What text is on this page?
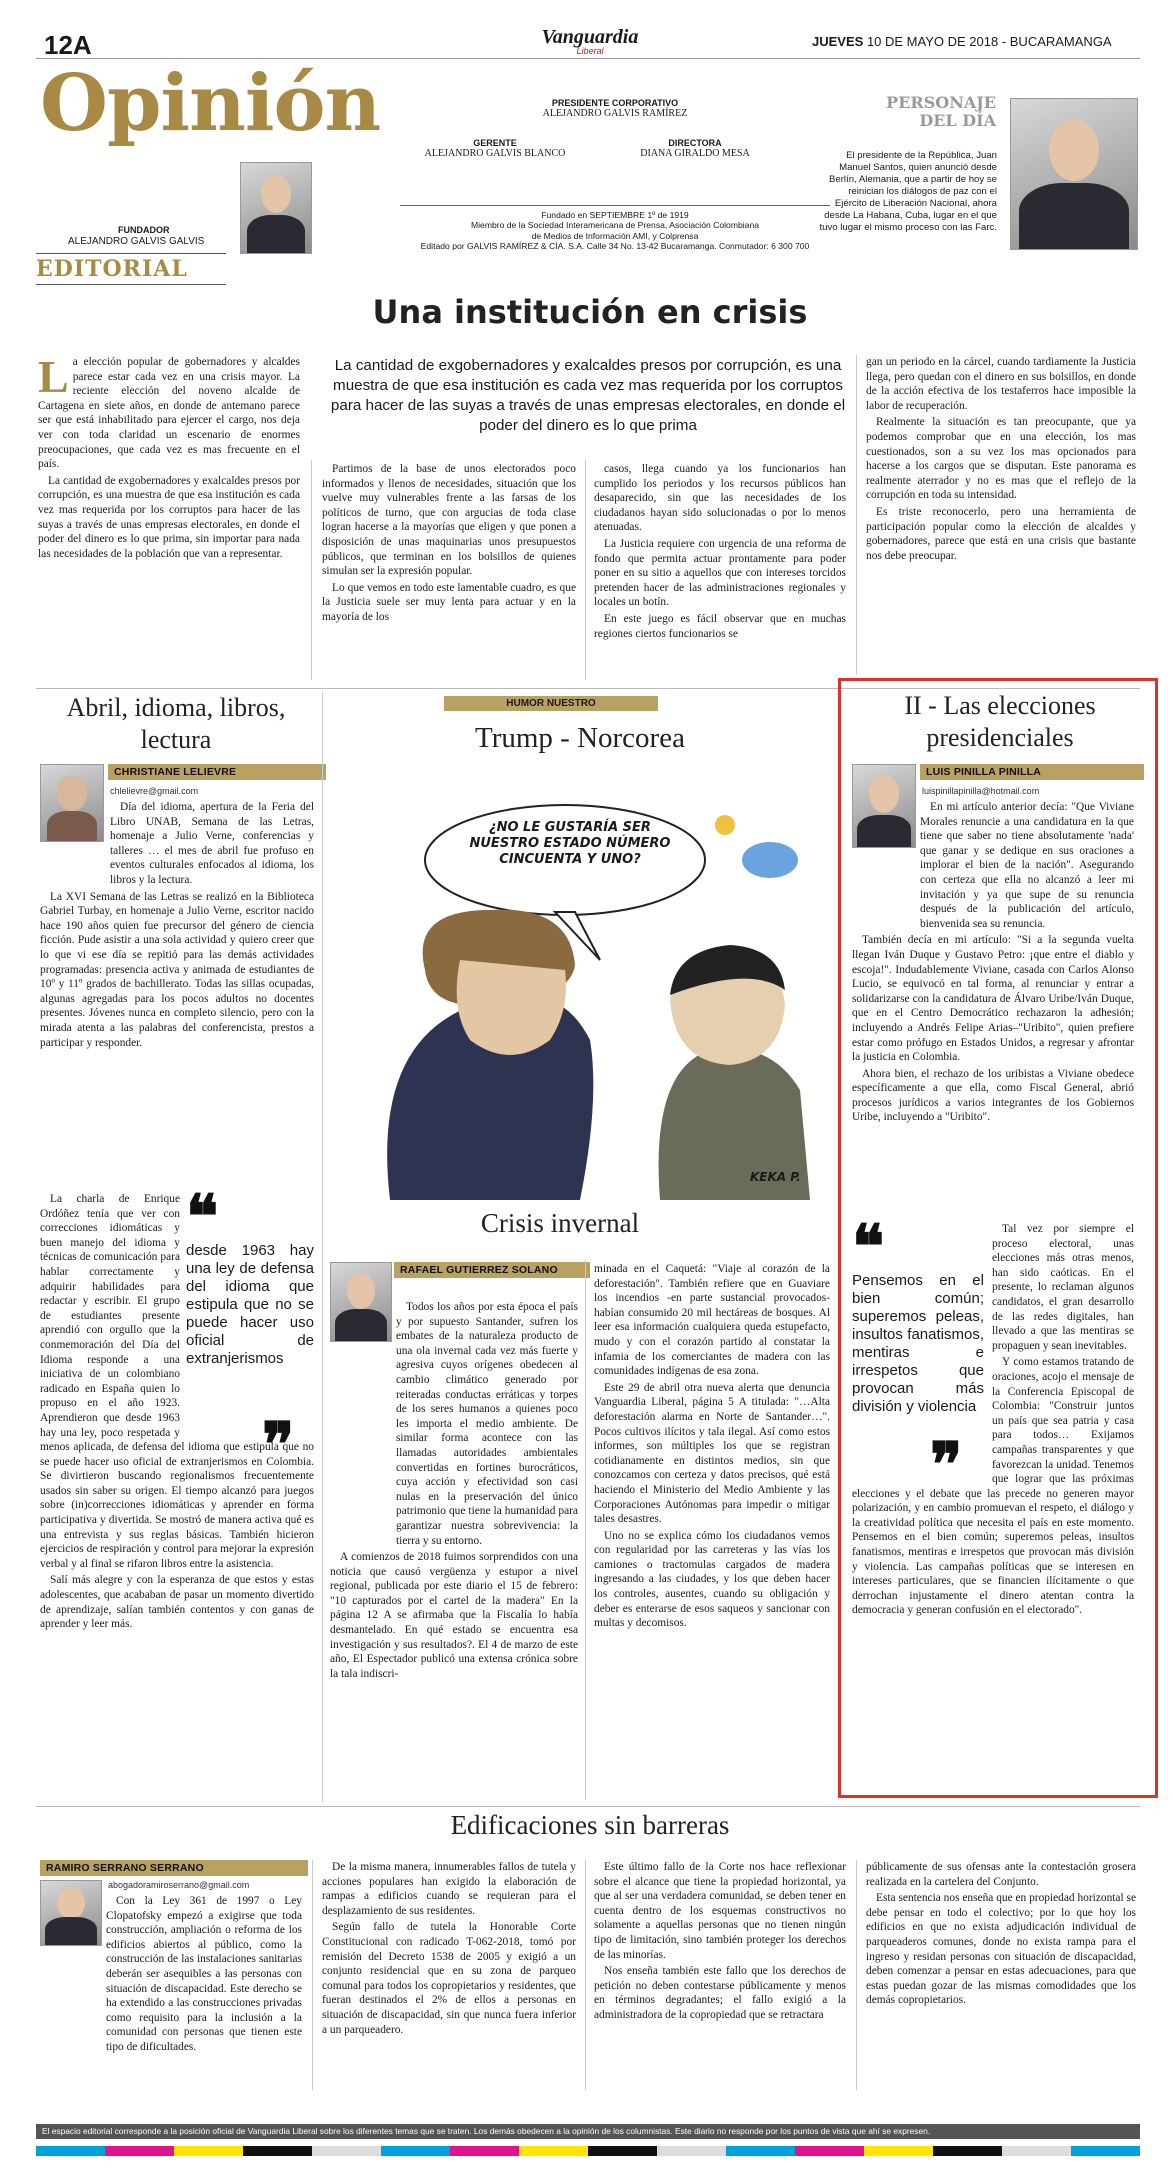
12A	Vanguardia
Liberal
JUEVES 10 DE MAYO DE 2018 - BUCARAMANGA
Opinión
FUNDADOR
ALEJANDRO GALVIS GALVIS
EDITORIAL
PRESIDENTE CORPORATIVO
ALEJANDRO GALVIS RAMÍREZ
GERENTE
ALEJANDRO GALVIS BLANCO
DIRECTORA
DIANA GIRALDO MESA
Fundado en SEPTIEMBRE 1º de 1919
Miembro de la Sociedad Interamericana de Prensa, Asociación Colombiana
de Medios de Información AMI, y Colprensa
Editado por GALVIS RAMÍREZ & CÍA. S.A. Calle 34 No. 13-42 Bucaramanga. Conmutador: 6 300 700
PERSONAJE
DEL DÍA
El presidente de la República, Juan Manuel Santos, quien anunció desde Berlín, Alemania, que a partir de hoy se reinician los diálogos de paz con el Ejército de Liberación Nacional, ahora desde La Habana, Cuba, lugar en el que tuvo lugar el mismo proceso con las Farc.
Una institución en crisis
La cantidad de exgobernadores y exalcaldes presos por corrupción, es una muestra de que esa institución es cada vez mas requerida por los corruptos para hacer de las suyas a través de unas empresas electorales, en donde el poder del dinero es lo que prima

La elección popular de gobernadores y alcaldes parece estar cada vez en una crisis mayor. La reciente elección del noveno alcalde de Cartagena en siete años, en donde de antemano parece ser que está inhabilitado para ejercer el cargo, nos deja ver con toda claridad un escenario de enormes preocupaciones, que cada vez es mas frecuente en el país.

La cantidad de exgobernadores y exalcaldes presos por corrupción, es una muestra de que esa institución es cada vez mas requerida por los corruptos para hacer de las suyas a través de unas empresas electorales, en donde el poder del dinero es lo que prima, sin importar para nada las necesidades de la población que van a representar.

Partimos de la base de unos electorados poco informados y llenos de necesidades, situación que los vuelve muy vulnerables frente a las farsas de los políticos de turno, que con argucias de toda clase logran hacerse a la mayorías que eligen y que ponen a disposición de unas maquinarias unos presupuestos públicos, que terminan en los bolsillos de quienes simulan ser la expresión popular.

Lo que vemos en todo este lamentable cuadro, es que la Justicia suele ser muy lenta para actuar y en la mayoría de los

casos, llega cuando ya los funcionarios han cumplido los periodos y los recursos públicos han desaparecido, sin que las necesidades de los ciudadanos hayan sido solucionadas o por lo menos atenuadas.

La Justicia requiere con urgencia de una reforma de fondo que permita actuar prontamente para poder poner en su sitio a aquellos que con intereses torcidos pretenden hacer de las administraciones regionales y locales un botín.

En este juego es fácil observar que en muchas regiones ciertos funcionarios se

gan un periodo en la cárcel, cuando tardiamente la Justicia llega, pero quedan con el dinero en sus bolsillos, en donde de la acción efectiva de los testaferros hace imposible la labor de recuperación.

Realmente la situación es tan preocupante, que ya podemos comprobar que en una elección, los mas cuestionados, son a su vez los mas opcionados para hacerse a los cargos que se disputan. Este panorama es realmente aterrador y no es mas que el reflejo de la corrupción en toda su intensidad.

Es triste reconocerlo, pero una herramienta de participación popular como la elección de alcaldes y gobernadores, parece que está en una crisis que bastante nos debe preocupar.

Abril, idioma, libros, lectura
CHRISTIANE LELIEVRE
chlelievre@gmail.com

Día del idioma, apertura de la Feria del Libro UNAB, Semana de las Letras, homenaje a Julio Verne, conferencias y talleres … el mes de abril fue profuso en eventos culturales enfocados al idioma, los libros y la lectura.

La XVI Semana de las Letras se realizó en la Biblioteca Gabriel Turbay, en homenaje a Julio Verne, escritor nacido hace 190 años quien fue precursor del género de ciencia ficción. Pude asistir a una sola actividad y quiero creer que lo que vi ese día se repitió para las demás actividades programadas: presencia activa y animada de estudiantes de 10º y 11º grados de bachillerato. Todas las sillas ocupadas, algunas agregadas para los pocos adultos no docentes presentes. Jóvenes nunca en completo silencio, pero con la mirada atenta a las palabras del conferencista, prestos a participar y responder.

❝
desde 1963 hay una ley de defensa del idioma que estipula que no se puede hacer uso oficial de extranjerismos

La charla de Enrique Ordóñez tenía que ver con correcciones idiomáticas y buen manejo del idioma y técnicas de comunicación para hablar correctamente y adquirir habilidades para redactar y escribir. El grupo de estudiantes presente aprendió con orgullo que la conmemoración del Día del Idioma responde a una iniciativa de un colombiano radicado en España quien lo propuso en el año 1923. Aprendieron que desde 1963 hay una ley, poco respetada y menos aplicada, de defensa del idioma que estipula que no se puede hacer uso oficial de extranjerismos en Colombia. Se divirtieron buscando regionalismos frecuentemente usados sin saber su origen. El tiempo alcanzó para juegos sobre (in)correcciones idiomáticas y aprender en forma participativa y divertida. Se mostró de manera activa qué es una entrevista y sus reglas básicas. También hicieron ejercicios de respiración y control para mejorar la expresión verbal y al final se rifaron libros entre la asistencia.

Salí más alegre y con la esperanza de que estos y estas adolescentes, que acababan de pasar un momento divertido de aprendizaje, salían también contentos y con ganas de aprender y leer más.

❞
HUMOR NUESTRO
Trump - Norcorea
¿NO LE GUSTARÍA SER NUESTRO ESTADO NÚMERO CINCUENTA Y UNO?
KEKA P.
Crisis invernal
RAFAEL GUTIERREZ SOLANO

Todos los años por esta época el país y por supuesto Santander, sufren los embates de la naturaleza producto de una ola invernal cada vez más fuerte y agresiva cuyos orígenes obedecen al cambio climático generado por reiteradas conductas erráticas y torpes de los seres humanos a quienes poco les importa el medio ambiente. De similar forma acontece con las llamadas autoridades ambientales convertidas en fortines burocráticos, cuya acción y efectividad son casi nulas en la preservación del único patrimonio que tiene la humanidad para garantizar nuestra sobrevivencia: la tierra y su entorno.

A comienzos de 2018 fuimos sorprendidos con una noticia que causó vergüenza y estupor a nivel regional, publicada por este diario el 15 de febrero: "10 capturados por el cartel de la madera" En la página 12 A se afirmaba que la Fiscalía lo había desmantelado. En qué estado se encuentra esa investigación y sus resultados?. El 4 de marzo de este año, El Espectador publicó una extensa crónica sobre la tala indiscri-

minada en el Caquetá: "Viaje al corazón de la deforestación". También refiere que en Guaviare los incendios -en parte sustancial provocados- habían consumido 20 mil hectáreas de bosques. Al leer esa información cualquiera queda estupefacto, mudo y con el corazón partido al constatar la infamia de los comerciantes de madera con las comunidades indígenas de esa zona.

Este 29 de abril otra nueva alerta que denuncia Vanguardia Liberal, página 5 A titulada: "…Alta deforestación alarma en Norte de Santander…". Pocos cultivos ilícitos y tala ilegal. Así como estos informes, son múltiples los que se registran cotidianamente en distintos medios, sin que conozcamos con certeza y datos precisos, qué está haciendo el Ministerio del Medio Ambiente y las Corporaciones Autónomas para impedir o mitigar tales desastres.

Uno no se explica cómo los ciudadanos vemos con regularidad por las carreteras y las vías los camiones o tractomulas cargados de madera ingresando a las ciudades, y los que deben hacer los controles, ausentes, cuando su obligación y deber es enterarse de esos saqueos y sancionar con multas y decomisos.

II - Las elecciones presidenciales
LUIS PINILLA PINILLA
luispinillapinilla@hotmail.com

En mi artículo anterior decía: "Que Viviane Morales renuncie a una candidatura en la que tiene que saber no tiene absolutamente 'nada' que ganar y se dedique en sus oraciones a implorar el bien de la nación". Asegurando con certeza que ella no alcanzó a leer mi invitación y ya que supe de su renuncia después de la publicación del artículo, bienvenida sea su renuncia.

También decía en mi artículo: "Si a la segunda vuelta llegan Iván Duque y Gustavo Petro: ¡que entre el diablo y escoja!". Indudablemente Viviane, casada con Carlos Alonso Lucio, se equivocó en tal forma, al renunciar y entrar a solidarizarse con la candidatura de Álvaro Uribe/Iván Duque, que en el Centro Democrático rechazaron la adhesión; incluyendo a Andrés Felipe Arias–"Uribito", quien prefiere estar como prófugo en Estados Unidos, a regresar y afrontar la justicia en Colombia.

Ahora bien, el rechazo de los uribistas a Viviane obedece específicamente a que ella, como Fiscal General, abrió procesos jurídicos a varios integrantes de los Gobiernos Uribe, incluyendo a "Uribito".

❝
Pensemos en el bien común; superemos peleas, insultos fanatismos, mentiras e irrespetos que provocan más división y violencia

Tal vez por siempre el proceso electoral, unas elecciones más otras menos, han sido caóticas. En el presente, lo reclaman algunos candidatos, el gran desarrollo de las redes digitales, han llevado a que las mentiras se propaguen y sean inevitables.

Y como estamos tratando de oraciones, acojo el mensaje de la Conferencia Episcopal de Colombia: "Construir juntos un país que sea patria y casa para todos… Exijamos campañas transparentes y que favorezcan la unidad. Tenemos que lograr que las próximas elecciones y el debate que las precede no generen mayor polarización, y en cambio promuevan el respeto, el diálogo y la creatividad política que necesita el país en este momento. Pensemos en el bien común; superemos peleas, insultos fanatismos, mentiras e irrespetos que provocan más división y violencia. Las campañas políticas que se interesen en intereses particulares, que se financien ilícitamente o que derrochan injustamente el dinero atentan contra la democracia y generan confusión en el electorado".

❞
Edificaciones sin barreras
RAMIRO SERRANO SERRANO
abogadoramiroserrano@gmail.com

Con la Ley 361 de 1997 o Ley Clopatofsky empezó a exigirse que toda construcción, ampliación o reforma de los edificios abiertos al público, como la construcción de las instalaciones sanitarias deberán ser asequibles a las personas con situación de discapacidad. Este derecho se ha extendido a las construcciones privadas como requisito para la inclusión a la comunidad con personas que tienen este tipo de dificultades.

De la misma manera, innumerables fallos de tutela y acciones populares han exigido la elaboración de rampas a edificios cuando se requieran para el desplazamiento de sus residentes.

Según fallo de tutela la Honorable Corte Constitucional con radicado T-062-2018, tomó por remisión del Decreto 1538 de 2005 y exigió a un conjunto residencial que en su zona de parqueo comunal para todos los copropietarios y residentes, que fueran destinados el 2% de ellos a personas en situación de discapacidad, sin que nunca fuera inferior a un parqueadero.

Este último fallo de la Corte nos hace reflexionar sobre el alcance que tiene la propiedad horizontal, ya que al ser una verdadera comunidad, se deben tener en cuenta dentro de los esquemas constructivos no solamente a aquellas personas que no tienen ningún tipo de limitación, sino también proteger los derechos de las minorías.

Nos enseña también este fallo que los derechos de petición no deben contestarse públicamente y menos en términos degradantes; el fallo exigió a la administradora de la copropiedad que se retractara

públicamente de sus ofensas ante la contestación grosera realizada en la cartelera del Conjunto.

Esta sentencia nos enseña que en propiedad horizontal se debe pensar en todo el colectivo; por lo que hoy los edificios en que no exista adjudicación individual de parqueaderos comunes, donde no exista rampa para el ingreso y residan personas con situación de discapacidad, deben comenzar a pensar en estas adecuaciones, para que estas puedan gozar de las mismas comodidades que los demás copropietarios.

El espacio editorial corresponde a la posición oficial de Vanguardia Liberal sobre los diferentes temas que se traten. Los demás obedecen a la opinión de los columnistas. Este diario no responde por los puntos de vista que ahí se expresen.
